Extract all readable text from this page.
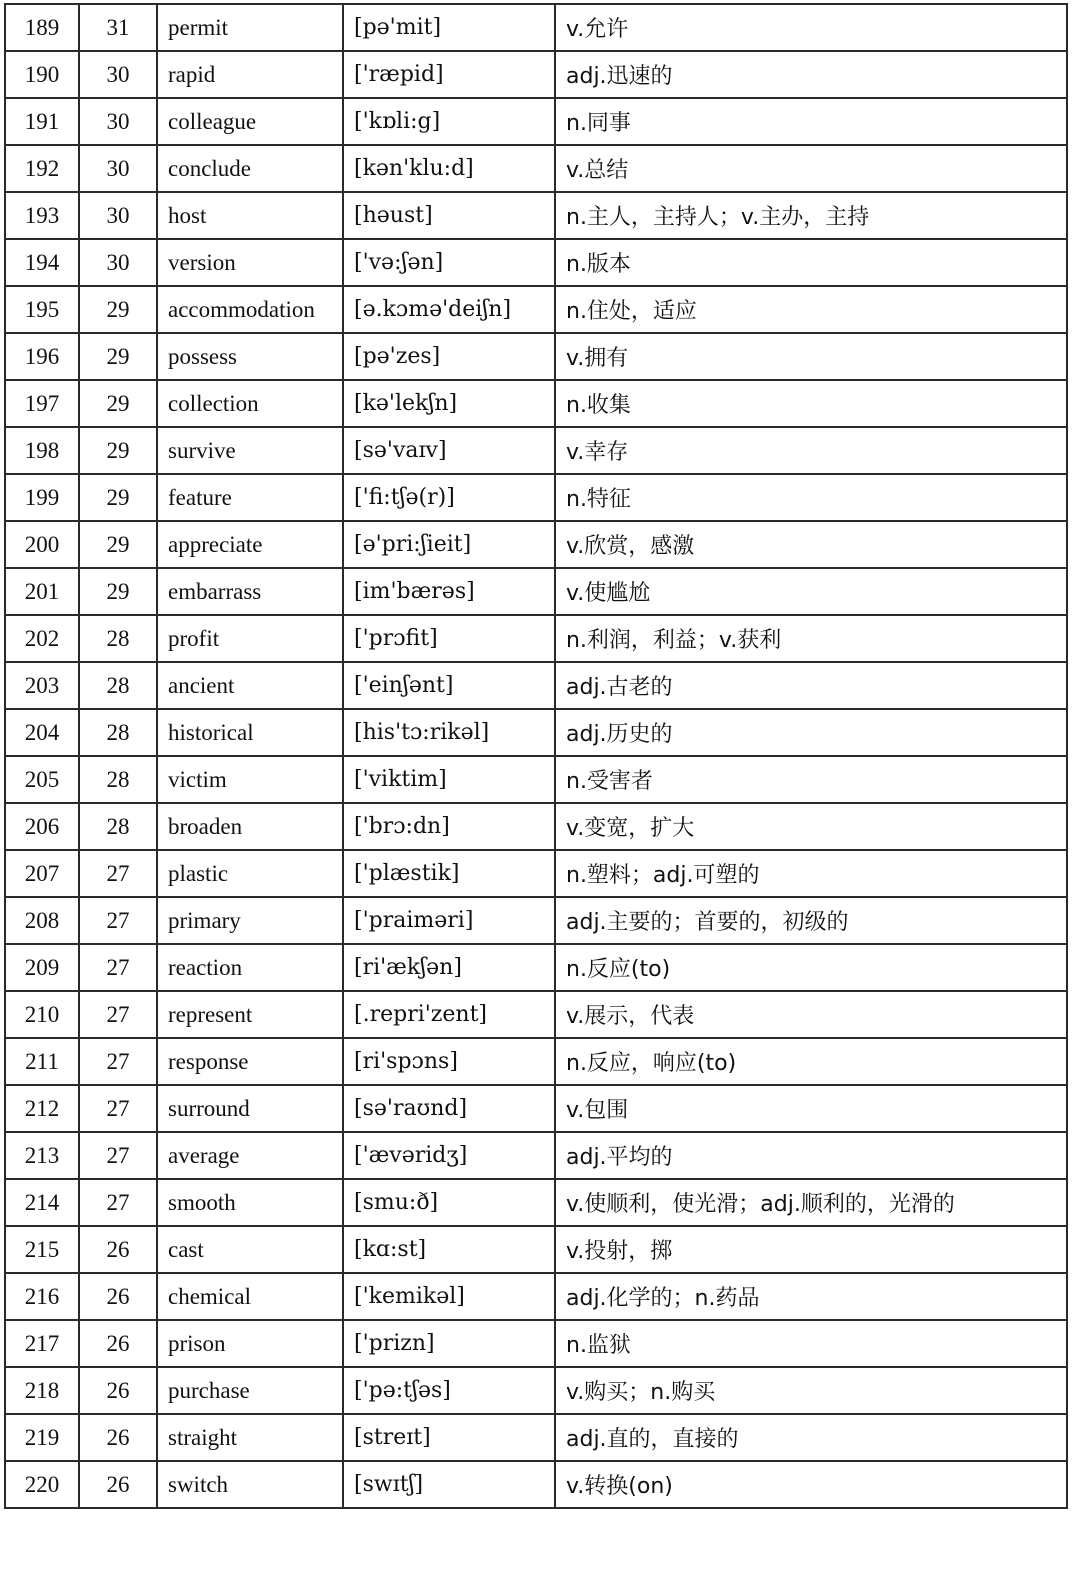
189	31	permit	[pə'mit]	v.允许
190	30	rapid	['ræpid]	adj.迅速的
191	30	colleague	['kɒli:g]	n.同事
192	30	conclude	[kən'klu:d]	v.总结
193	30	host	[həust]	n.主人，主持人；v.主办，主持
194	30	version	['və:ʃən]	n.版本
195	29	accommodation	[ə.kɔmə'deiʃn]	n.住处，适应
196	29	possess	[pə'zes]	v.拥有
197	29	collection	[kə'lekʃn]	n.收集
198	29	survive	[sə'vaɪv]	v.幸存
199	29	feature	['fi:tʃə(r)]	n.特征
200	29	appreciate	[ə'pri:ʃieit]	v.欣赏，感激
201	29	embarrass	[im'bærəs]	v.使尴尬
202	28	profit	['prɔfit]	n.利润，利益；v.获利
203	28	ancient	['einʃənt]	adj.古老的
204	28	historical	[his'tɔ:rikəl]	adj.历史的
205	28	victim	['viktim]	n.受害者
206	28	broaden	['brɔ:dn]	v.变宽，扩大
207	27	plastic	['plæstik]	n.塑料；adj.可塑的
208	27	primary	['praiməri]	adj.主要的；首要的，初级的
209	27	reaction	[ri'ækʃən]	n.反应(to)
210	27	represent	[.repri'zent]	v.展示，代表
211	27	response	[ri'spɔns]	n.反应，响应(to)
212	27	surround	[sə'raʊnd]	v.包围
213	27	average	['ævəridʒ]	adj.平均的
214	27	smooth	[smu:ð]	v.使顺利，使光滑；adj.顺利的，光滑的
215	26	cast	[kɑ:st]	v.投射，掷
216	26	chemical	['kemikəl]	adj.化学的；n.药品
217	26	prison	['prizn]	n.监狱
218	26	purchase	['pə:tʃəs]	v.购买；n.购买
219	26	straight	[streɪt]	adj.直的，直接的
220	26	switch	[swɪtʃ]	v.转换(on)
